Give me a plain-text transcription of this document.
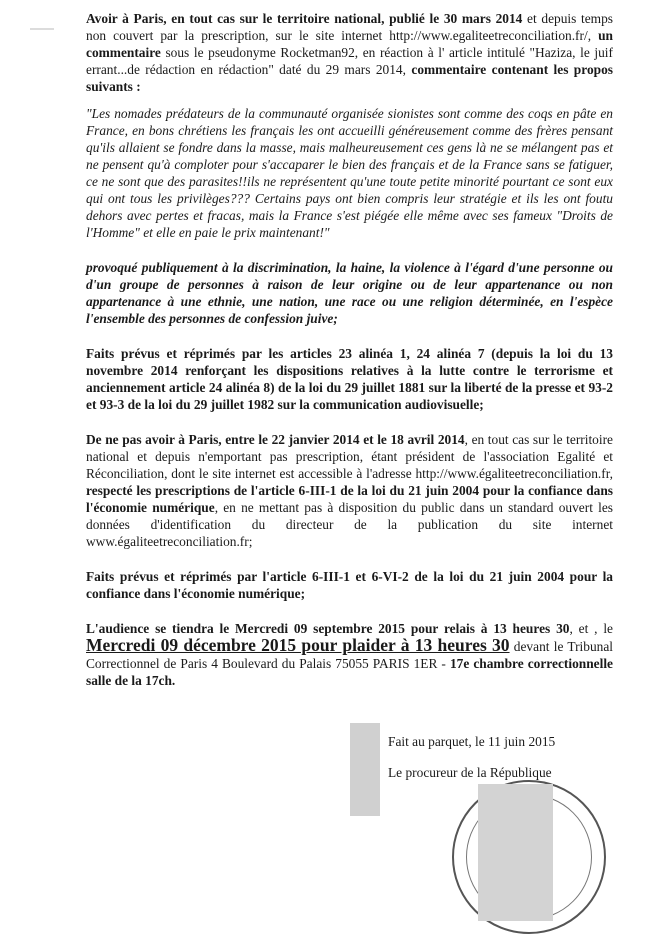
Avoir à Paris, en tout cas sur le territoire national, publié le 30 mars 2014 et depuis temps non couvert par la prescription, sur le site internet http://www.egaliteetreconciliation.fr/, un commentaire sous le pseudonyme Rocketman92, en réaction à l' article intitulé "Haziza, le juif errant...de rédaction en rédaction" daté du 29 mars 2014, commentaire contenant les propos suivants :

"Les nomades prédateurs de la communauté organisée sionistes sont comme des coqs en pâte en France, en bons chrétiens les français les ont accueilli généreusement comme des frères pensant qu'ils allaient se fondre dans la masse, mais malheureusement ces gens là ne se mélangent pas et ne pensent qu'à comploter pour s'accaparer le bien des français et de la France sans se fatiguer, ce ne sont que des parasites!!ils ne représentent qu'une toute petite minorité pourtant ce sont eux qui ont tous les privilèges??? Certains pays ont bien compris leur stratégie et ils les ont foutu dehors avec pertes et fracas, mais la France s'est piégée elle même avec ses fameux "Droits de l'Homme" et elle en paie le prix maintenant!"

provoqué publiquement à la discrimination, la haine, la violence à l'égard d'une personne ou d'un groupe de personnes à raison de leur origine ou de leur appartenance ou non appartenance à une ethnie, une nation, une race ou une religion déterminée, en l'espèce l'ensemble des personnes de confession juive;

Faits prévus et réprimés par les articles 23 alinéa 1, 24 alinéa 7 (depuis la loi du 13 novembre 2014 renforçant les dispositions relatives à la lutte contre le terrorisme et anciennement article 24 alinéa 8) de la loi du 29 juillet 1881 sur la liberté de la presse et 93-2 et 93-3 de la loi du 29 juillet 1982 sur la communication audiovisuelle;

De ne pas avoir à Paris, entre le 22 janvier 2014 et le 18 avril 2014, en tout cas sur le territoire national et depuis n'emportant pas prescription, étant président de l'association Egalité et Réconciliation, dont le site internet est accessible à l'adresse http://www.égaliteetreconciliation.fr, respecté les prescriptions de l'article 6-III-1 de la loi du 21 juin 2004 pour la confiance dans l'économie numérique, en ne mettant pas à disposition du public dans un standard ouvert les données d'identification du directeur de la publication du site internet www.égaliteetreconciliation.fr;

Faits prévus et réprimés par l'article 6-III-1 et 6-VI-2 de la loi du 21 juin 2004 pour la confiance dans l'économie numérique;

L'audience se tiendra le Mercredi 09 septembre 2015 pour relais à 13 heures 30, et , le Mercredi 09 décembre 2015 pour plaider à 13 heures 30 devant le Tribunal Correctionnel de Paris 4 Boulevard du Palais 75055 PARIS 1ER - 17e chambre correctionnelle salle de la 17ch.

Fait au parquet, le 11 juin 2015
Le procureur de la République
